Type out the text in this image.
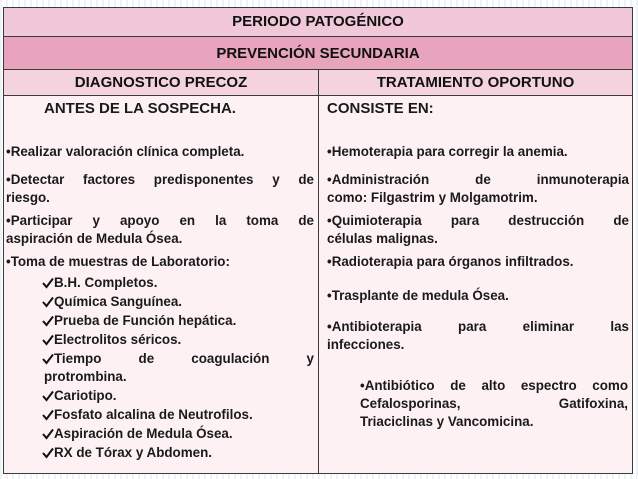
PERIODO PATOGÉNICO
PREVENCIÓN SECUNDARIA
DIAGNOSTICO PRECOZ	TRATAMIENTO OPORTUNO
ANTES DE LA SOSPECHA.
•Realizar valoración clínica completa.
•Detectar factores predisponentes y de
riesgo.
•Participar y apoyo en la toma de
aspiración de Medula Ósea.
•Toma de muestras de Laboratorio:
B.H. Completos.
Química Sanguínea.
Prueba de Función hepática.
Electrolitos séricos.
Tiempo de coagulación y
protrombina.
Cariotipo.
Fosfato alcalina de Neutrofilos.
Aspiración de Medula Ósea.
RX de Tórax y Abdomen.
CONSISTE EN:
•Hemoterapia para corregir la anemia.
•Administración de inmunoterapia
como: Filgastrim y Molgamotrim.
•Quimioterapia para destrucción de
células malignas.
•Radioterapia para órganos infiltrados.
•Trasplante de medula Ósea.
•Antibioterapia para eliminar las
infecciones.
•Antibiótico de alto espectro como
Cefalosporinas, Gatifoxina,
Triaciclinas y Vancomicina.
